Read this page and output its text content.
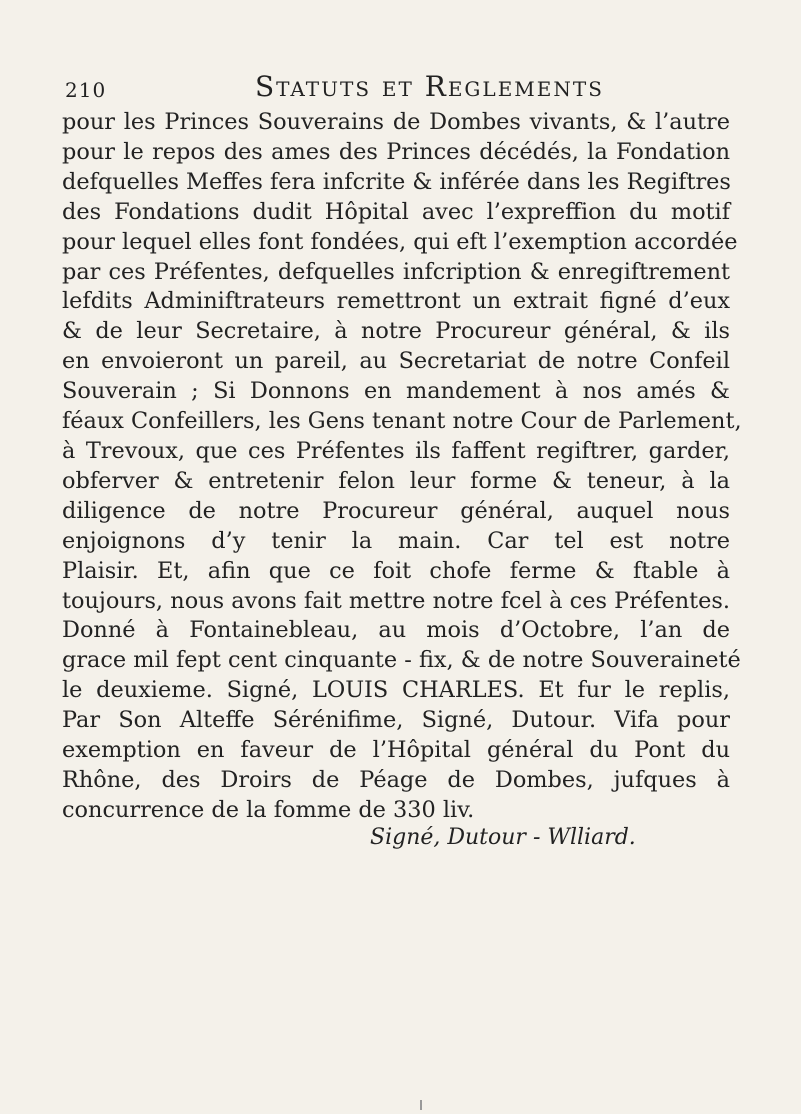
210	Statuts et Reglements
pour les Princes Souverains de Dombes vivants, & l’autre
pour le repos des ames des Princes décédés, la Fondation
defquelles Meffes fera infcrite & inférée dans les Regiftres
des Fondations dudit Hôpital avec l’expreffion du motif
pour lequel elles font fondées, qui eft l’exemption accordée
par ces Préfentes, defquelles infcription & enregiftrement
lefdits Adminiftrateurs remettront un extrait figné d’eux
& de leur Secretaire, à notre Procureur général, & ils
en envoieront un pareil, au Secretariat de notre Confeil
Souverain ; Si Donnons en mandement à nos amés &
féaux Confeillers, les Gens tenant notre Cour de Parlement,
à Trevoux, que ces Préfentes ils faffent regiftrer, garder,
obferver & entretenir felon leur forme & teneur, à la
diligence de notre Procureur général, auquel nous
enjoignons d’y tenir la main. Car tel est notre
Plaisir. Et, afin que ce foit chofe ferme & ftable à
toujours, nous avons fait mettre notre fcel à ces Préfentes.
Donné à Fontainebleau, au mois d’Octobre, l’an de
grace mil fept cent cinquante - fix, & de notre Souveraineté
le deuxieme. Signé, LOUIS CHARLES. Et fur le replis,
Par Son Alteffe Sérénifime, Signé, Dutour. Vifa pour
exemption en faveur de l’Hôpital général du Pont du
Rhône, des Droirs de Péage de Dombes, jufques à
concurrence de la fomme de 330 liv.
Signé, Dutour - Wlliard.
